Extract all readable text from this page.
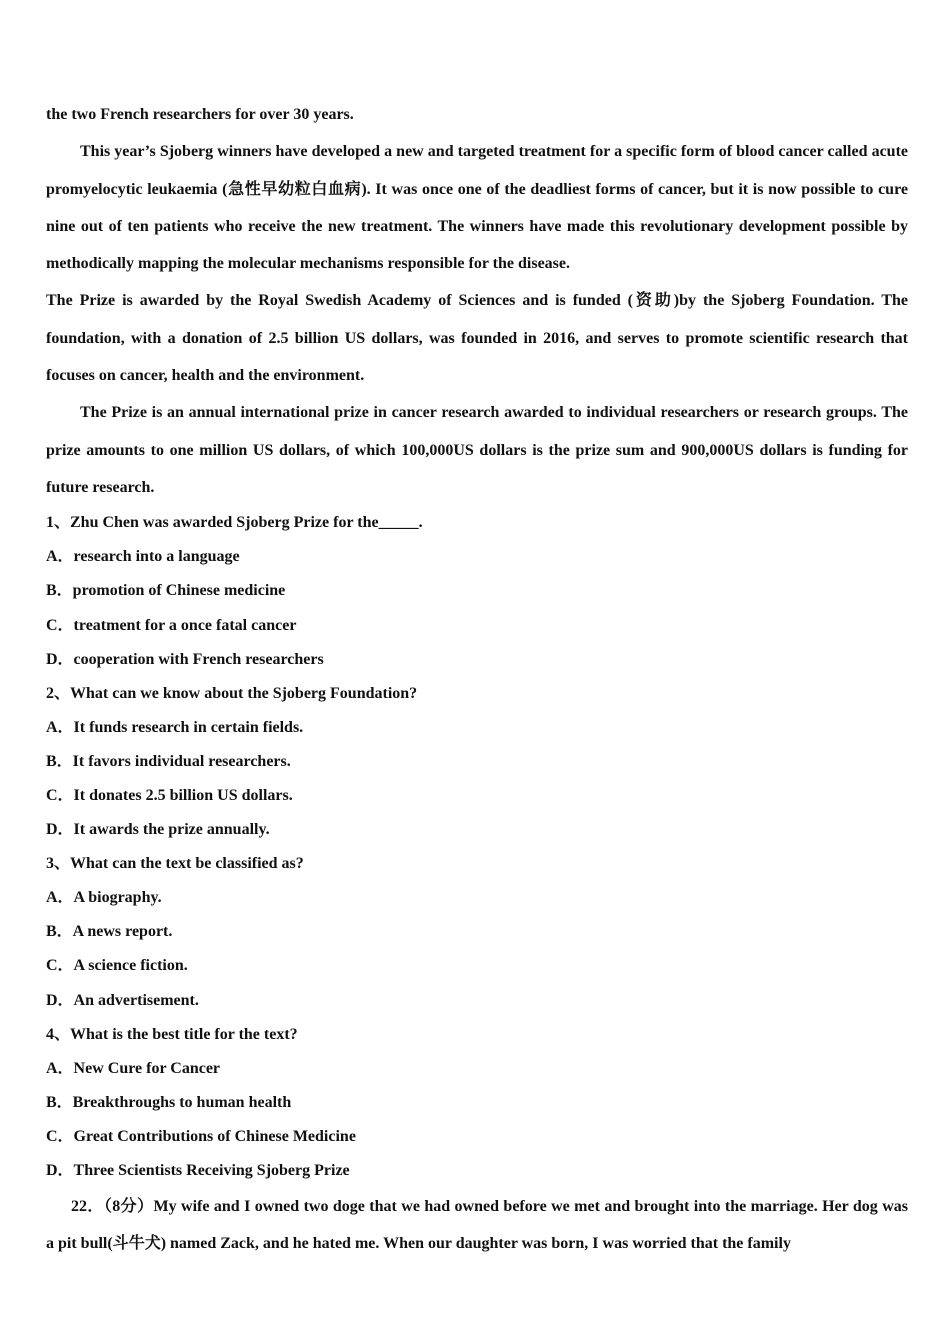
the two French researchers for over 30 years.

This year’s Sjoberg winners have developed a new and targeted treatment for a specific form of blood cancer called acute promyelocytic leukaemia (急性早幼粒白血病). It was once one of the deadliest forms of cancer, but it is now possible to cure nine out of ten patients who receive the new treatment. The winners have made this revolutionary development possible by methodically mapping the molecular mechanisms responsible for the disease.

The Prize is awarded by the Royal Swedish Academy of Sciences and is funded (资助)by the Sjoberg Foundation. The foundation, with a donation of 2.5 billion US dollars, was founded in 2016, and serves to promote scientific research that focuses on cancer, health and the environment.

The Prize is an annual international prize in cancer research awarded to individual researchers or research groups. The prize amounts to one million US dollars, of which 100,000US dollars is the prize sum and 900,000US dollars is funding for future research.

1、Zhu Chen was awarded Sjoberg Prize for the_____.

A．research into a language

B．promotion of Chinese medicine

C．treatment for a once fatal cancer

D．cooperation with French researchers

2、What can we know about the Sjoberg Foundation?

A．It funds research in certain fields.

B．It favors individual researchers.

C．It donates 2.5 billion US dollars.

D．It awards the prize annually.

3、What can the text be classified as?

A．A biography.

B．A news report.

C．A science fiction.

D．An advertisement.

4、What is the best title for the text?

A．New Cure for Cancer

B．Breakthroughs to human health

C．Great Contributions of Chinese Medicine

D．Three Scientists Receiving Sjoberg Prize

22．（8分）My wife and I owned two doge that we had owned before we met and brought into the marriage. Her dog was a pit bull(斗牛犬) named Zack, and he hated me. When our daughter was born, I was worried that the family
